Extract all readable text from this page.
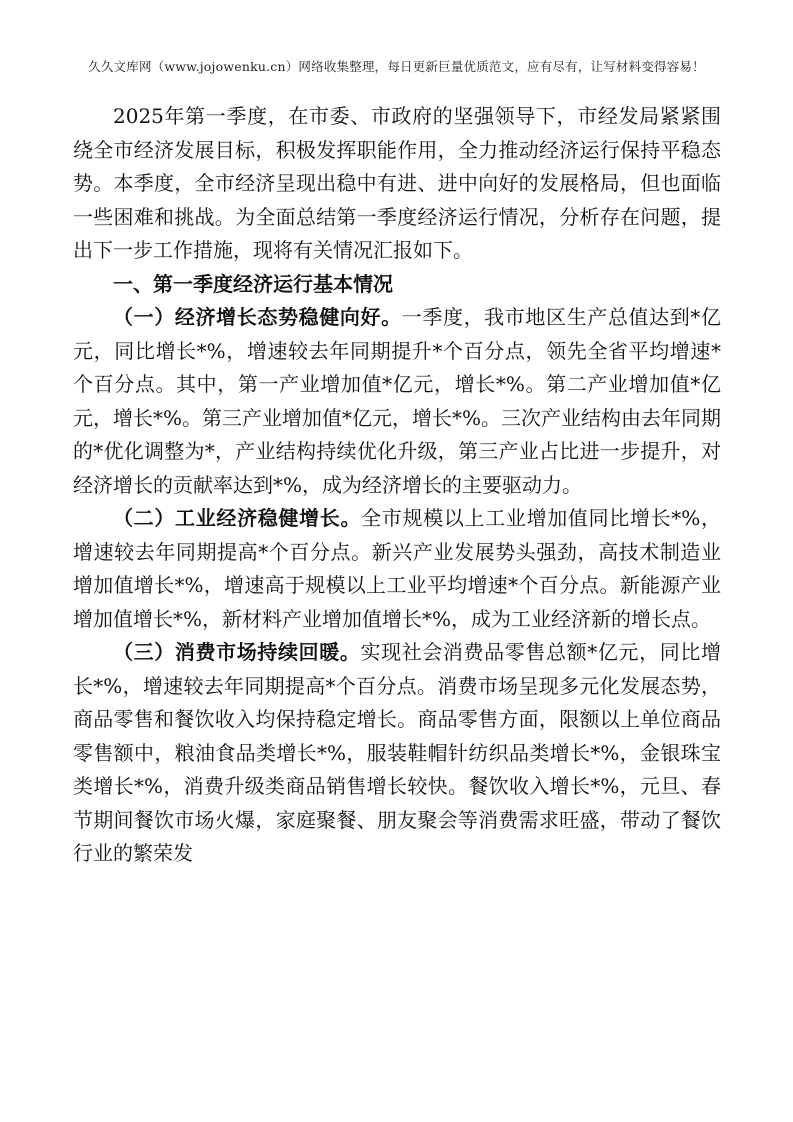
久久文库网（www.jojowenku.cn）网络收集整理，每日更新巨量优质范文，应有尽有，让写材料变得容易！

2025年第一季度，在市委、市政府的坚强领导下，市经发局紧紧围绕全市经济发展目标，积极发挥职能作用，全力推动经济运行保持平稳态势。本季度，全市经济呈现出稳中有进、进中向好的发展格局，但也面临一些困难和挑战。为全面总结第一季度经济运行情况，分析存在问题，提出下一步工作措施，现将有关情况汇报如下。

一、第一季度经济运行基本情况

（一）经济增长态势稳健向好。一季度，我市地区生产总值达到*亿元，同比增长*%，增速较去年同期提升*个百分点，领先全省平均增速*个百分点。其中，第一产业增加值*亿元，增长*%。第二产业增加值*亿元，增长*%。第三产业增加值*亿元，增长*%。三次产业结构由去年同期的*优化调整为*，产业结构持续优化升级，第三产业占比进一步提升，对经济增长的贡献率达到*%，成为经济增长的主要驱动力。

（二）工业经济稳健增长。全市规模以上工业增加值同比增长*%，增速较去年同期提高*个百分点。新兴产业发展势头强劲，高技术制造业增加值增长*%，增速高于规模以上工业平均增速*个百分点。新能源产业增加值增长*%，新材料产业增加值增长*%，成为工业经济新的增长点。

（三）消费市场持续回暖。实现社会消费品零售总额*亿元，同比增长*%，增速较去年同期提高*个百分点。消费市场呈现多元化发展态势，商品零售和餐饮收入均保持稳定增长。商品零售方面，限额以上单位商品零售额中，粮油食品类增长*%，服装鞋帽针纺织品类增长*%，金银珠宝类增长*%，消费升级类商品销售增长较快。餐饮收入增长*%，元旦、春节期间餐饮市场火爆，家庭聚餐、朋友聚会等消费需求旺盛，带动了餐饮行业的繁荣发
